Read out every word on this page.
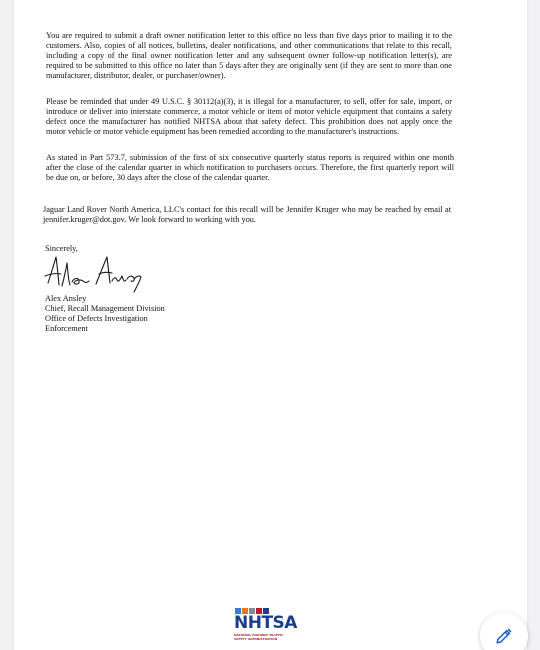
You are required to submit a draft owner notification letter to this office no less than five days prior to mailing it to the customers. Also, copies of all notices, bulletins, dealer notifications, and other communications that relate to this recall, including a copy of the final owner notification letter and any subsequent owner follow-up notification letter(s), are required to be submitted to this office no later than 5 days after they are originally sent (if they are sent to more than one manufacturer, distributor, dealer, or purchaser/owner).

Please be reminded that under 49 U.S.C. § 30112(a)(3), it is illegal for a manufacturer, to sell, offer for sale, import, or introduce or deliver into interstate commerce, a motor vehicle or item of motor vehicle equipment that contains a safety defect once the manufacturer has notified NHTSA about that safety defect. This prohibition does not apply once the motor vehicle or motor vehicle equipment has been remedied according to the manufacturer's instructions.

As stated in Part 573.7, submission of the first of six consecutive quarterly status reports is required within one month after the close of the calendar quarter in which notification to purchasers occurs. Therefore, the first quarterly report will be due on, or before, 30 days after the close of the calendar quarter.

Jaguar Land Rover North America, LLC's contact for this recall will be Jennifer Kruger who may be reached by email at jennifer.kruger@dot.gov. We look forward to working with you.

Sincerely,
Alex Ansley
Chief, Recall Management Division
Office of Defects Investigation
Enforcement
NHTSA
NATIONAL HIGHWAY TRAFFIC SAFETY ADMINISTRATION
